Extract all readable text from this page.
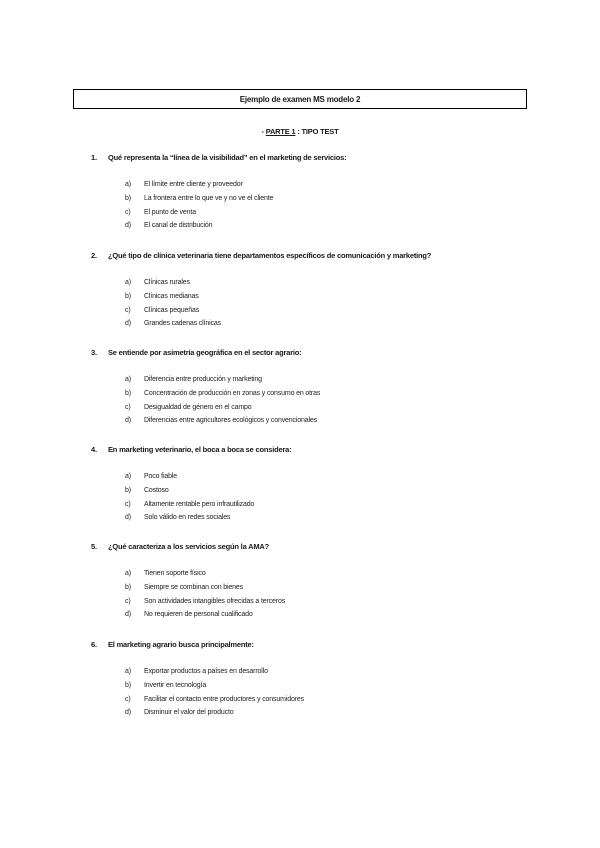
Ejemplo de examen MS modelo 2
- PARTE 1 : TIPO TEST
1.	Qué representa la “línea de la visibilidad” en el marketing de servicios:
a)	El límite entre cliente y proveedor
b)	La frontera entre lo que ve y no ve el cliente
c)	El punto de venta
d)	El canal de distribución
2.	¿Qué tipo de clínica veterinaria tiene departamentos específicos de comunicación y marketing?
a)	Clínicas rurales
b)	Clínicas medianas
c)	Clínicas pequeñas
d)	Grandes cadenas clínicas
3.	Se entiende por asimetría geográfica en el sector agrario:
a)	Diferencia entre producción y marketing
b)	Concentración de producción en zonas y consumo en otras
c)	Desigualdad de género en el campo
d)	Diferencias entre agricultores ecológicos y convencionales
4.	En marketing veterinario, el boca a boca se considera:
a)	Poco fiable
b)	Costoso
c)	Altamente rentable pero infrautilizado
d)	Solo válido en redes sociales
5.	¿Qué caracteriza a los servicios según la AMA?
a)	Tienen soporte físico
b)	Siempre se combinan con bienes
c)	Son actividades intangibles ofrecidas a terceros
d)	No requieren de personal cualificado
6.	El marketing agrario busca principalmente:
a)	Exportar productos a países en desarrollo
b)	Invertir en tecnología
c)	Facilitar el contacto entre productores y consumidores
d)	Disminuir el valor del producto
